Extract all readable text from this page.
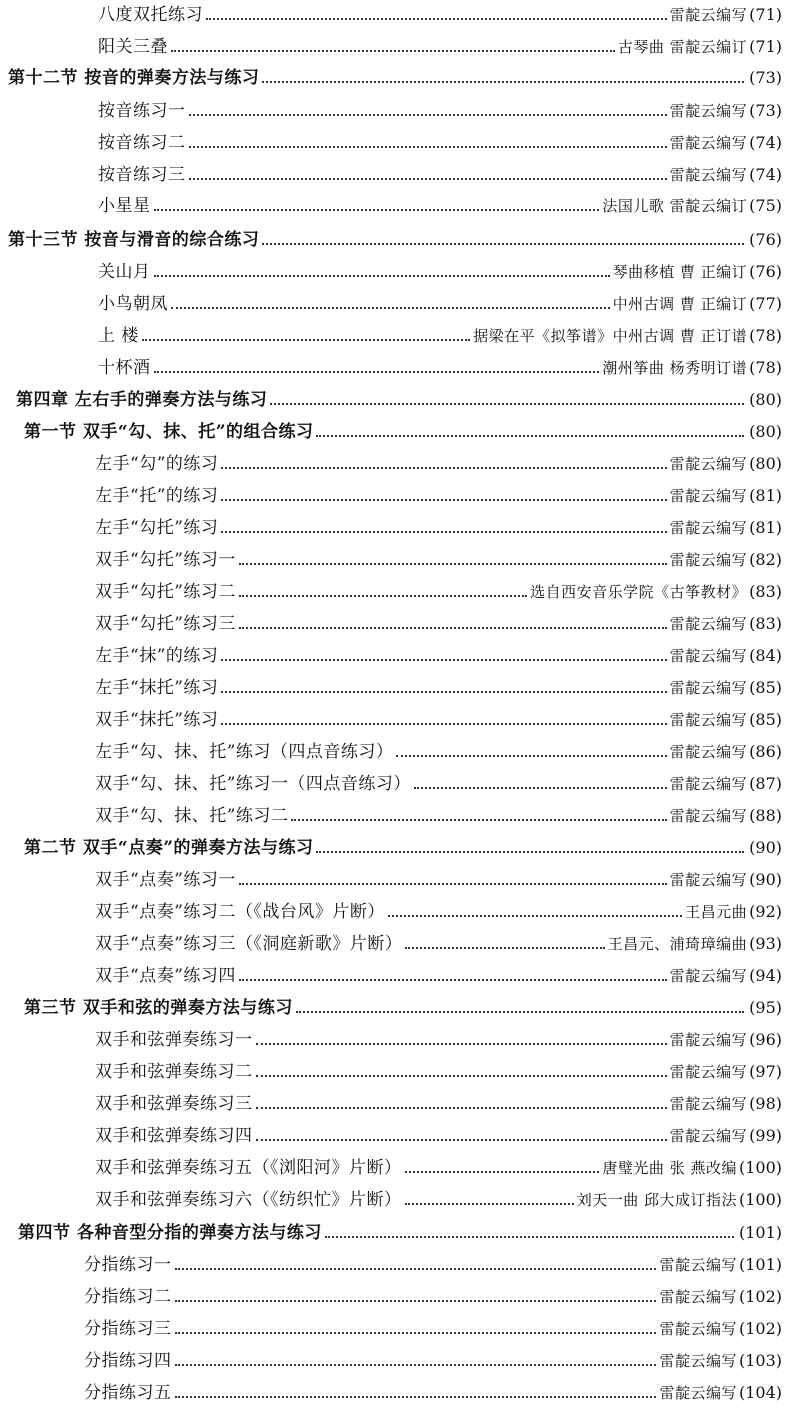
八度双托练习	雷靛云编写 (71)
阳关三叠	古琴曲 雷靛云编订 (71)
第十二节 按音的弹奏方法与练习	(73)
按音练习一	雷靛云编写 (73)
按音练习二	雷靛云编写 (74)
按音练习三	雷靛云编写 (74)
小星星	法国儿歌 雷靛云编订 (75)
第十三节 按音与滑音的综合练习	(76)
关山月	琴曲移植 曹 正编订 (76)
小鸟朝凤	中州古调 曹 正编订 (77)
上 楼	据梁在平《拟筝谱》中州古调 曹 正订谱 (78)
十杯酒	潮州筝曲 杨秀明订谱 (78)
第四章 左右手的弹奏方法与练习	(80)
第一节 双手“勾、抹、托”的组合练习	(80)
左手“勾”的练习	雷靛云编写 (80)
左手“托”的练习	雷靛云编写 (81)
左手“勾托”练习	雷靛云编写 (81)
双手“勾托”练习一	雷靛云编写 (82)
双手“勾托”练习二	选自西安音乐学院《古筝教材》 (83)
双手“勾托”练习三	雷靛云编写 (83)
左手“抹”的练习	雷靛云编写 (84)
左手“抹托”练习	雷靛云编写 (85)
双手“抹托”练习	雷靛云编写 (85)
左手“勾、抹、托”练习（四点音练习）	雷靛云编写 (86)
双手“勾、抹、托”练习一（四点音练习）	雷靛云编写 (87)
双手“勾、抹、托”练习二	雷靛云编写 (88)
第二节 双手“点奏”的弹奏方法与练习	(90)
双手“点奏”练习一	雷靛云编写 (90)
双手“点奏”练习二（《战台风》片断）	王昌元曲 (92)
双手“点奏”练习三（《洞庭新歌》片断）	王昌元、浦琦璋编曲 (93)
双手“点奏”练习四	雷靛云编写 (94)
第三节 双手和弦的弹奏方法与练习	(95)
双手和弦弹奏练习一	雷靛云编写 (96)
双手和弦弹奏练习二	雷靛云编写 (97)
双手和弦弹奏练习三	雷靛云编写 (98)
双手和弦弹奏练习四	雷靛云编写 (99)
双手和弦弹奏练习五（《浏阳河》片断）	唐璧光曲 张 燕改编 (100)
双手和弦弹奏练习六（《纺织忙》片断）	刘天一曲 邱大成订指法 (100)
第四节 各种音型分指的弹奏方法与练习	(101)
分指练习一	雷靛云编写 (101)
分指练习二	雷靛云编写 (102)
分指练习三	雷靛云编写 (102)
分指练习四	雷靛云编写 (103)
分指练习五	雷靛云编写 (104)
